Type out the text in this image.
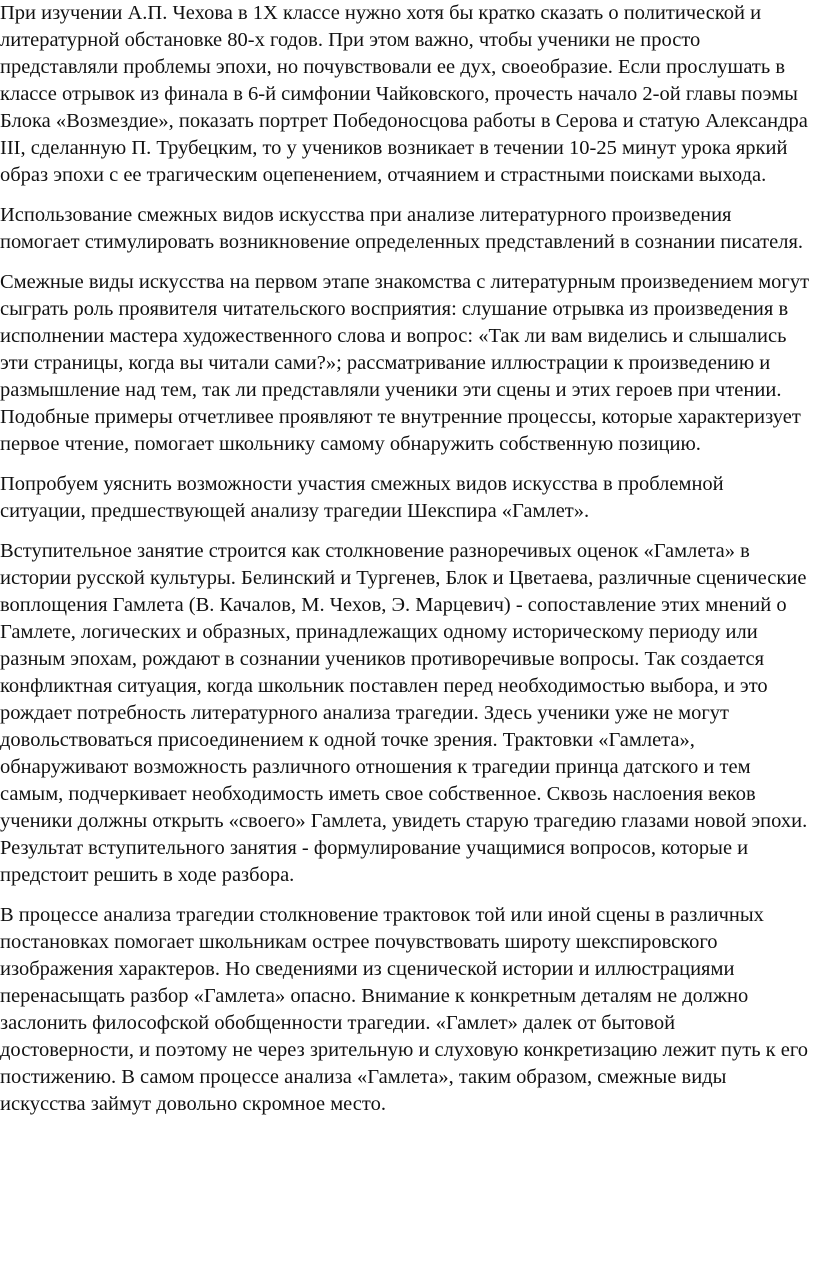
При изучении А.П. Чехова в 1Х классе нужно хотя бы кратко сказать о политической и литературной обстановке 80-х годов. При этом важно, чтобы ученики не просто представляли проблемы эпохи, но почувствовали ее дух, своеобразие. Если прослушать в классе отрывок из финала в 6-й симфонии Чайковского, прочесть начало 2-ой главы поэмы Блока «Возмездие», показать портрет Победоносцова работы в Серова и статую Александра III, сделанную П. Трубецким, то у учеников возникает в течении 10-25 минут урока яркий образ эпохи с ее трагическим оцепенением, отчаянием и страстными поисками выхода.

Использование смежных видов искусства при анализе литературного произведения помогает стимулировать возникновение определенных представлений в сознании писателя.

Смежные виды искусства на первом этапе знакомства с литературным произведением могут сыграть роль проявителя читательского восприятия: слушание отрывка из произведения в исполнении мастера художественного слова и вопрос: «Так ли вам виделись и слышались эти страницы, когда вы читали сами?»; рассматривание иллюстрации к произведению и размышление над тем, так ли представляли ученики эти сцены и этих героев при чтении. Подобные примеры отчетливее проявляют те внутренние процессы, которые характеризует первое чтение, помогает школьнику самому обнаружить собственную позицию.

Попробуем уяснить возможности участия смежных видов искусства в проблемной ситуации, предшествующей анализу трагедии Шекспира «Гамлет».

Вступительное занятие строится как столкновение разноречивых оценок «Гамлета» в истории русской культуры. Белинский и Тургенев, Блок и Цветаева, различные сценические воплощения Гамлета (В. Качалов, М. Чехов, Э. Марцевич) - сопоставление этих мнений о Гамлете, логических и образных, принадлежащих одному историческому периоду или разным эпохам, рождают в сознании учеников противоречивые вопросы. Так создается конфликтная ситуация, когда школьник поставлен перед необходимостью выбора, и это рождает потребность литературного анализа трагедии. Здесь ученики уже не могут довольствоваться присоединением к одной точке зрения. Трактовки «Гамлета», обнаруживают возможность различного отношения к трагедии принца датского и тем самым, подчеркивает необходимость иметь свое собственное. Сквозь наслоения веков ученики должны открыть «своего» Гамлета, увидеть старую трагедию глазами новой эпохи. Результат вступительного занятия - формулирование учащимися вопросов, которые и предстоит решить в ходе разбора.

В процессе анализа трагедии столкновение трактовок той или иной сцены в различных постановках помогает школьникам острее почувствовать широту шекспировского изображения характеров. Но сведениями из сценической истории и иллюстрациями перенасыщать разбор «Гамлета» опасно. Внимание к конкретным деталям не должно заслонить философской обобщенности трагедии. «Гамлет» далек от бытовой достоверности, и поэтому не через зрительную и слуховую конкретизацию лежит путь к его постижению. В самом процессе анализа «Гамлета», таким образом, смежные виды искусства займут довольно скромное место.
